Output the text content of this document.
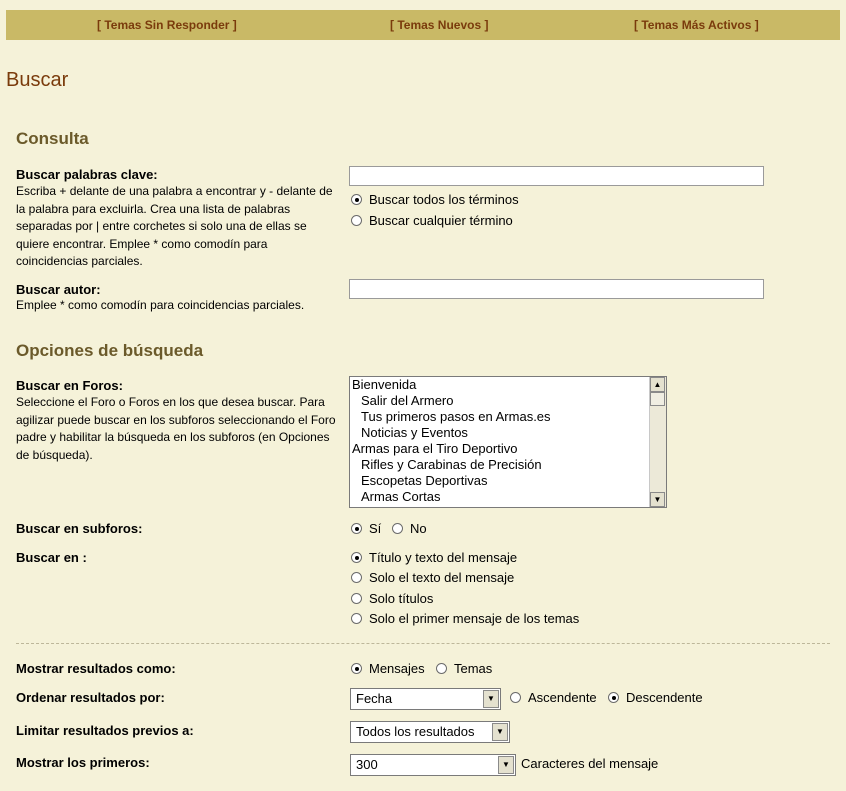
[ Temas Sin Responder ]	[ Temas Nuevos ]	[ Temas Más Activos ]
Buscar
Consulta
Buscar palabras clave:
Escriba + delante de una palabra a encontrar y - delante de la palabra para excluirla. Crea una lista de palabras separadas por | entre corchetes si solo una de ellas se quiere encontrar. Emplee * como comodín para coincidencias parciales.
Buscar todos los términos
Buscar cualquier término
Buscar autor:
Emplee * como comodín para coincidencias parciales.
Opciones de búsqueda
Buscar en Foros:
Seleccione el Foro o Foros en los que desea buscar. Para agilizar puede buscar en los subforos seleccionando el Foro padre y habilitar la búsqueda en los subforos (en Opciones de búsqueda).
Bienvenida
Salir del Armero
Tus primeros pasos en Armas.es
Noticias y Eventos
Armas para el Tiro Deportivo
Rifles y Carabinas de Precisión
Escopetas Deportivas
Armas Cortas
▲
▼
Buscar en subforos:	Sí No
Buscar en :	Título y texto del mensaje
Solo el texto del mensaje
Solo títulos
Solo el primer mensaje de los temas
Mostrar resultados como:	Mensajes Temas
Ordenar resultados por:	Fecha	▼	Ascendente Descendente
Limitar resultados previos a:	Todos los resultados	▼
Mostrar los primeros:	300	▼ Caracteres del mensaje
